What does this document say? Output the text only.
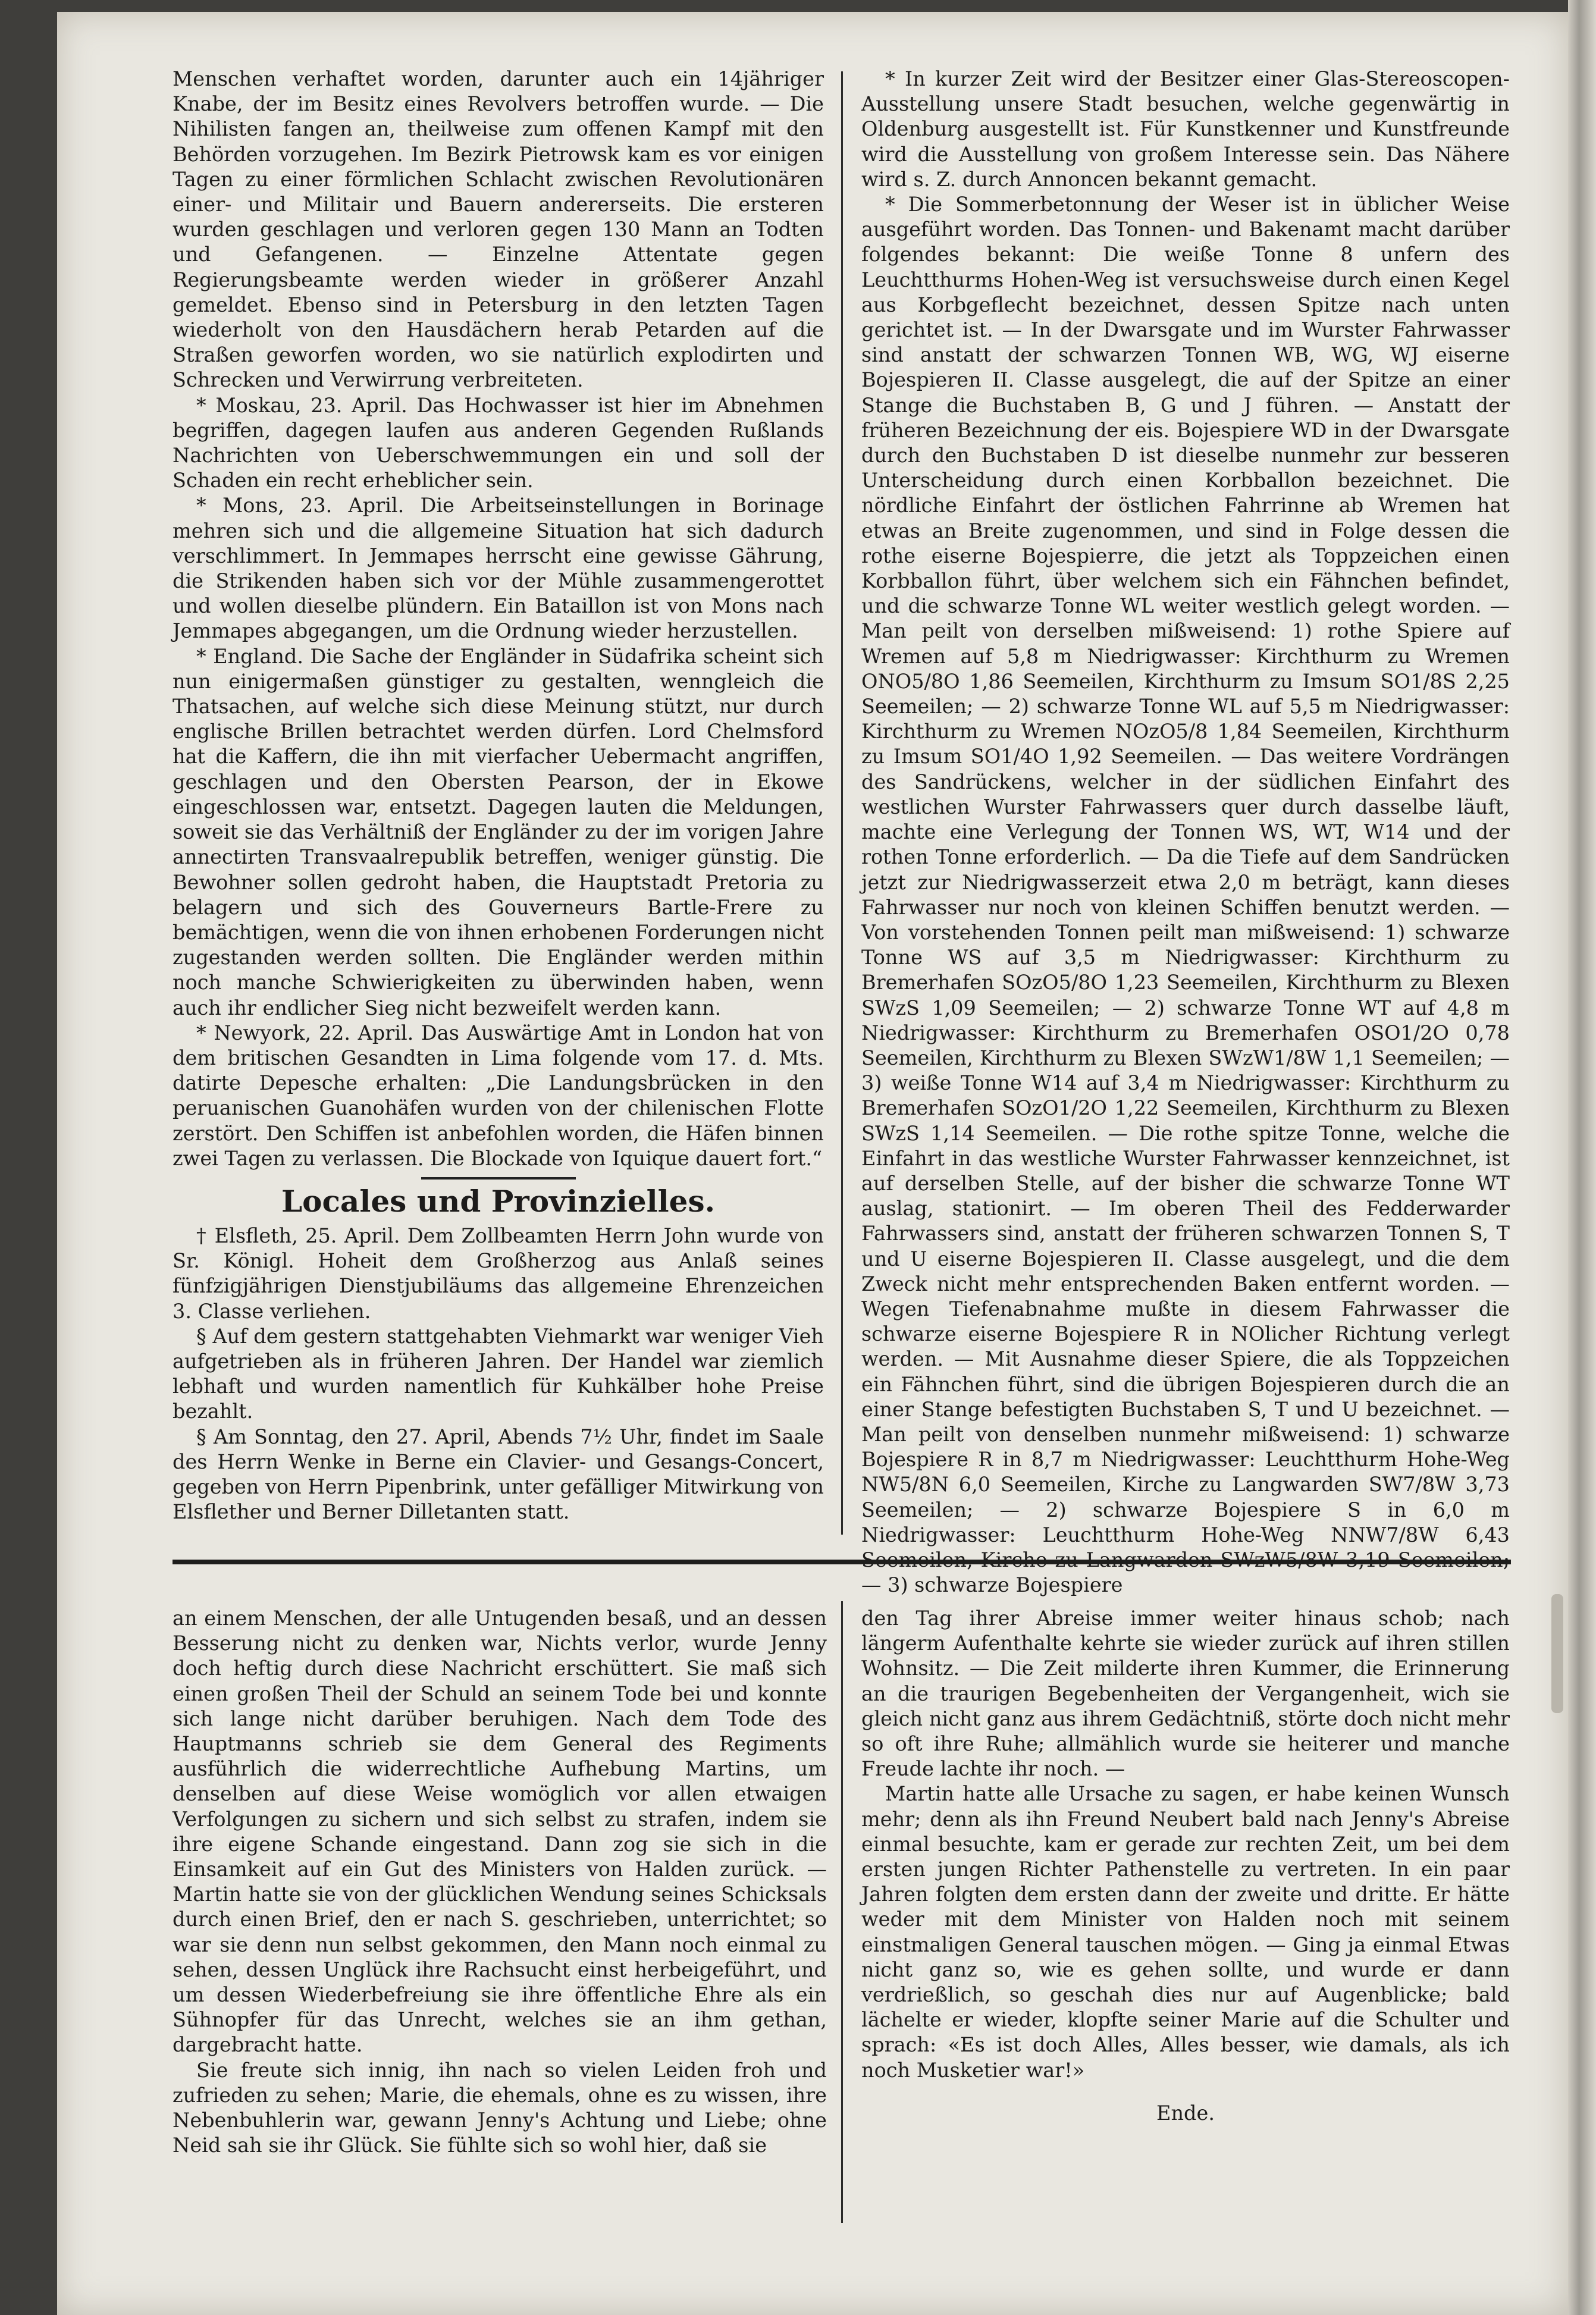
Menschen verhaftet worden, darunter auch ein 14jähriger Knabe, der im Besitz eines Revolvers betroffen wurde. — Die Nihilisten fangen an, theilweise zum offenen Kampf mit den Behörden vorzugehen. Im Bezirk Pietrowsk kam es vor einigen Tagen zu einer förmlichen Schlacht zwischen Revolutionären einer- und Militair und Bauern andererseits. Die ersteren wurden geschlagen und verloren gegen 130 Mann an Todten und Gefangenen. — Einzelne Attentate gegen Regierungsbeamte werden wieder in größerer Anzahl gemeldet. Ebenso sind in Petersburg in den letzten Tagen wiederholt von den Hausdächern herab Petarden auf die Straßen geworfen worden, wo sie natürlich explodirten und Schrecken und Verwirrung verbreiteten.

* Moskau, 23. April. Das Hochwasser ist hier im Abnehmen begriffen, dagegen laufen aus anderen Gegenden Rußlands Nachrichten von Ueberschwemmungen ein und soll der Schaden ein recht erheblicher sein.

* Mons, 23. April. Die Arbeitseinstellungen in Borinage mehren sich und die allgemeine Situation hat sich dadurch verschlimmert. In Jemmapes herrscht eine gewisse Gährung, die Strikenden haben sich vor der Mühle zusammengerottet und wollen dieselbe plündern. Ein Bataillon ist von Mons nach Jemmapes abgegangen, um die Ordnung wieder herzustellen.

* England. Die Sache der Engländer in Südafrika scheint sich nun einigermaßen günstiger zu gestalten, wenngleich die Thatsachen, auf welche sich diese Meinung stützt, nur durch englische Brillen betrachtet werden dürfen. Lord Chelmsford hat die Kaffern, die ihn mit vierfacher Uebermacht angriffen, geschlagen und den Obersten Pearson, der in Ekowe eingeschlossen war, entsetzt. Dagegen lauten die Meldungen, soweit sie das Verhältniß der Engländer zu der im vorigen Jahre annectirten Transvaalrepublik betreffen, weniger günstig. Die Bewohner sollen gedroht haben, die Hauptstadt Pretoria zu belagern und sich des Gouverneurs Bartle-Frere zu bemächtigen, wenn die von ihnen erhobenen Forderungen nicht zugestanden werden sollten. Die Engländer werden mithin noch manche Schwierigkeiten zu überwinden haben, wenn auch ihr endlicher Sieg nicht bezweifelt werden kann.

* Newyork, 22. April. Das Auswärtige Amt in London hat von dem britischen Gesandten in Lima folgende vom 17. d. Mts. datirte Depesche erhalten: „Die Landungsbrücken in den peruanischen Guanohäfen wurden von der chilenischen Flotte zerstört. Den Schiffen ist anbefohlen worden, die Häfen binnen zwei Tagen zu verlassen. Die Blockade von Iquique dauert fort.“

Locales und Provinzielles.

† Elsfleth, 25. April. Dem Zollbeamten Herrn John wurde von Sr. Königl. Hoheit dem Großherzog aus Anlaß seines fünfzigjährigen Dienstjubiläums das allgemeine Ehrenzeichen 3. Classe verliehen.

§ Auf dem gestern stattgehabten Viehmarkt war weniger Vieh aufgetrieben als in früheren Jahren. Der Handel war ziemlich lebhaft und wurden namentlich für Kuhkälber hohe Preise bezahlt.

§ Am Sonntag, den 27. April, Abends 7½ Uhr, findet im Saale des Herrn Wenke in Berne ein Clavier- und Gesangs-Concert, gegeben von Herrn Pipenbrink, unter gefälliger Mitwirkung von Elsflether und Berner Dilletanten statt.

* In kurzer Zeit wird der Besitzer einer Glas-Stereoscopen-Ausstellung unsere Stadt besuchen, welche gegenwärtig in Oldenburg ausgestellt ist. Für Kunstkenner und Kunstfreunde wird die Ausstellung von großem Interesse sein. Das Nähere wird s. Z. durch Annoncen bekannt gemacht.

* Die Sommerbetonnung der Weser ist in üblicher Weise ausgeführt worden. Das Tonnen- und Bakenamt macht darüber folgendes bekannt: Die weiße Tonne 8 unfern des Leuchtthurms Hohen-Weg ist versuchsweise durch einen Kegel aus Korbgeflecht bezeichnet, dessen Spitze nach unten gerichtet ist. — In der Dwarsgate und im Wurster Fahrwasser sind anstatt der schwarzen Tonnen WB, WG, WJ eiserne Bojespieren II. Classe ausgelegt, die auf der Spitze an einer Stange die Buchstaben B, G und J führen. — Anstatt der früheren Bezeichnung der eis. Bojespiere WD in der Dwarsgate durch den Buchstaben D ist dieselbe nunmehr zur besseren Unterscheidung durch einen Korbballon bezeichnet. Die nördliche Einfahrt der östlichen Fahrrinne ab Wremen hat etwas an Breite zugenommen, und sind in Folge dessen die rothe eiserne Bojespierre, die jetzt als Toppzeichen einen Korbballon führt, über welchem sich ein Fähnchen befindet, und die schwarze Tonne WL weiter westlich gelegt worden. — Man peilt von derselben mißweisend: 1) rothe Spiere auf Wremen auf 5,8 m Niedrigwasser: Kirchthurm zu Wremen ONO5/8O 1,86 Seemeilen, Kirchthurm zu Imsum SO1/8S 2,25 Seemeilen; — 2) schwarze Tonne WL auf 5,5 m Niedrigwasser: Kirchthurm zu Wremen NOzO5/8 1,84 Seemeilen, Kirchthurm zu Imsum SO1/4O 1,92 Seemeilen. — Das weitere Vordrängen des Sandrückens, welcher in der südlichen Einfahrt des westlichen Wurster Fahrwassers quer durch dasselbe läuft, machte eine Verlegung der Tonnen WS, WT, W14 und der rothen Tonne erforderlich. — Da die Tiefe auf dem Sandrücken jetzt zur Niedrigwasserzeit etwa 2,0 m beträgt, kann dieses Fahrwasser nur noch von kleinen Schiffen benutzt werden. — Von vorstehenden Tonnen peilt man mißweisend: 1) schwarze Tonne WS auf 3,5 m Niedrigwasser: Kirchthurm zu Bremerhafen SOzO5/8O 1,23 Seemeilen, Kirchthurm zu Blexen SWzS 1,09 Seemeilen; — 2) schwarze Tonne WT auf 4,8 m Niedrigwasser: Kirchthurm zu Bremerhafen OSO1/2O 0,78 Seemeilen, Kirchthurm zu Blexen SWzW1/8W 1,1 Seemeilen; — 3) weiße Tonne W14 auf 3,4 m Niedrigwasser: Kirchthurm zu Bremerhafen SOzO1/2O 1,22 Seemeilen, Kirchthurm zu Blexen SWzS 1,14 Seemeilen. — Die rothe spitze Tonne, welche die Einfahrt in das westliche Wurster Fahrwasser kennzeichnet, ist auf derselben Stelle, auf der bisher die schwarze Tonne WT auslag, stationirt. — Im oberen Theil des Fedderwarder Fahrwassers sind, anstatt der früheren schwarzen Tonnen S, T und U eiserne Bojespieren II. Classe ausgelegt, und die dem Zweck nicht mehr entsprechenden Baken entfernt worden. — Wegen Tiefenabnahme mußte in diesem Fahrwasser die schwarze eiserne Bojespiere R in NOlicher Richtung verlegt werden. — Mit Ausnahme dieser Spiere, die als Toppzeichen ein Fähnchen führt, sind die übrigen Bojespieren durch die an einer Stange befestigten Buchstaben S, T und U bezeichnet. — Man peilt von denselben nunmehr mißweisend: 1) schwarze Bojespiere R in 8,7 m Niedrigwasser: Leuchtthurm Hohe-Weg NW5/8N 6,0 Seemeilen, Kirche zu Langwarden SW7/8W 3,73 Seemeilen; — 2) schwarze Bojespiere S in 6,0 m Niedrigwasser: Leuchtthurm Hohe-Weg NNW7/8W 6,43 — 3) schwarze Bojespiere

an einem Menschen, der alle Untugenden besaß, und an dessen Besserung nicht zu denken war, Nichts verlor, wurde Jenny doch heftig durch diese Nachricht erschüttert. Sie maß sich einen großen Theil der Schuld an seinem Tode bei und konnte sich lange nicht darüber beruhigen. Nach dem Tode des Hauptmanns schrieb sie dem General des Regiments ausführlich die widerrechtliche Aufhebung Martins, um denselben auf diese Weise womöglich vor allen etwaigen Verfolgungen zu sichern und sich selbst zu strafen, indem sie ihre eigene Schande eingestand. Dann zog sie sich in die Einsamkeit auf ein Gut des Ministers von Halden zurück. — Martin hatte sie von der glücklichen Wendung seines Schicksals durch einen Brief, den er nach S. geschrieben, unterrichtet; so war sie denn nun selbst gekommen, den Mann noch einmal zu sehen, dessen Unglück ihre Rachsucht einst herbeigeführt, und um dessen Wiederbefreiung sie ihre öffentliche Ehre als ein Sühnopfer für das Unrecht, welches sie an ihm gethan, dargebracht hatte.

Sie freute sich innig, ihn nach so vielen Leiden froh und zufrieden zu sehen; Marie, die ehemals, ohne es zu wissen, ihre Nebenbuhlerin war, gewann Jenny's Achtung und Liebe; ohne Neid sah sie ihr Glück. Sie fühlte sich so wohl hier, daß sie

den Tag ihrer Abreise immer weiter hinaus schob; nach längerm Aufenthalte kehrte sie wieder zurück auf ihren stillen Wohnsitz. — Die Zeit milderte ihren Kummer, die Erinnerung an die traurigen Begebenheiten der Vergangenheit, wich sie gleich nicht ganz aus ihrem Gedächtniß, störte doch nicht mehr so oft ihre Ruhe; allmählich wurde sie heiterer und manche Freude lachte ihr noch. —

Martin hatte alle Ursache zu sagen, er habe keinen Wunsch mehr; denn als ihn Freund Neubert bald nach Jenny's Abreise einmal besuchte, kam er gerade zur rechten Zeit, um bei dem ersten jungen Richter Pathenstelle zu vertreten. In ein paar Jahren folgten dem ersten dann der zweite und dritte. Er hätte weder mit dem Minister von Halden noch mit seinem einstmaligen General tauschen mögen. — Ging ja einmal Etwas nicht ganz so, wie es gehen sollte, und wurde er dann verdrießlich, so geschah dies nur auf Augenblicke; bald lächelte er wieder, klopfte seiner Marie auf die Schulter und sprach: «Es ist doch Alles, Alles besser, wie damals, als ich noch Musketier war!»

Ende.
